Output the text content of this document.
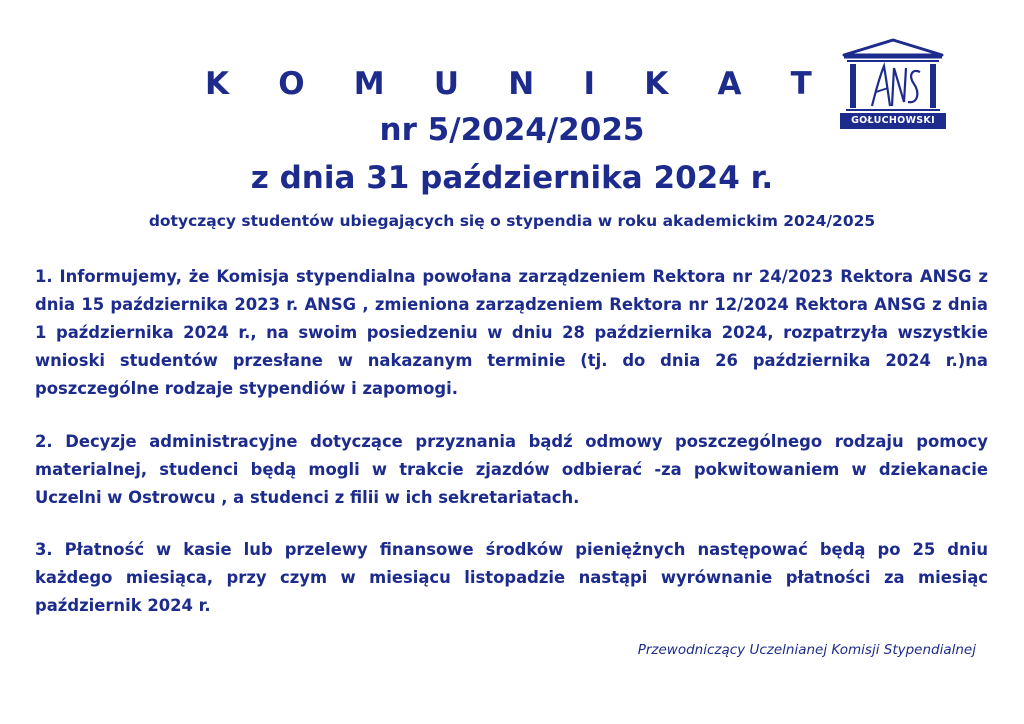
GOŁUCHOWSKI
K O M U N I K A T
nr 5/2024/2025
z dnia 31 października 2024 r.
dotyczący studentów ubiegających się o stypendia w roku akademickim 2024/2025

1. Informujemy, że Komisja stypendialna powołana zarządzeniem Rektora nr 24/2023 Rektora ANSG z dnia 15 października 2023 r. ANSG , zmieniona zarządzeniem Rektora nr 12/2024 Rektora ANSG z dnia 1 października 2024 r., na swoim posiedzeniu w dniu 28 października 2024, rozpatrzyła wszystkie wnioski studentów przesłane w nakazanym terminie (tj. do dnia 26 października 2024 r.)na poszczególne rodzaje stypendiów i zapomogi.

2. Decyzje administracyjne dotyczące przyznania bądź odmowy poszczególnego rodzaju pomocy materialnej, studenci będą mogli w trakcie zjazdów odbierać -za pokwitowaniem w dziekanacie Uczelni w Ostrowcu , a studenci z filii w ich sekretariatach.

3. Płatność w kasie lub przelewy finansowe środków pieniężnych następować będą po 25 dniu każdego miesiąca, przy czym w miesiącu listopadzie nastąpi wyrównanie płatności za miesiąc październik 2024 r.

Przewodniczący Uczelnianej Komisji Stypendialnej
